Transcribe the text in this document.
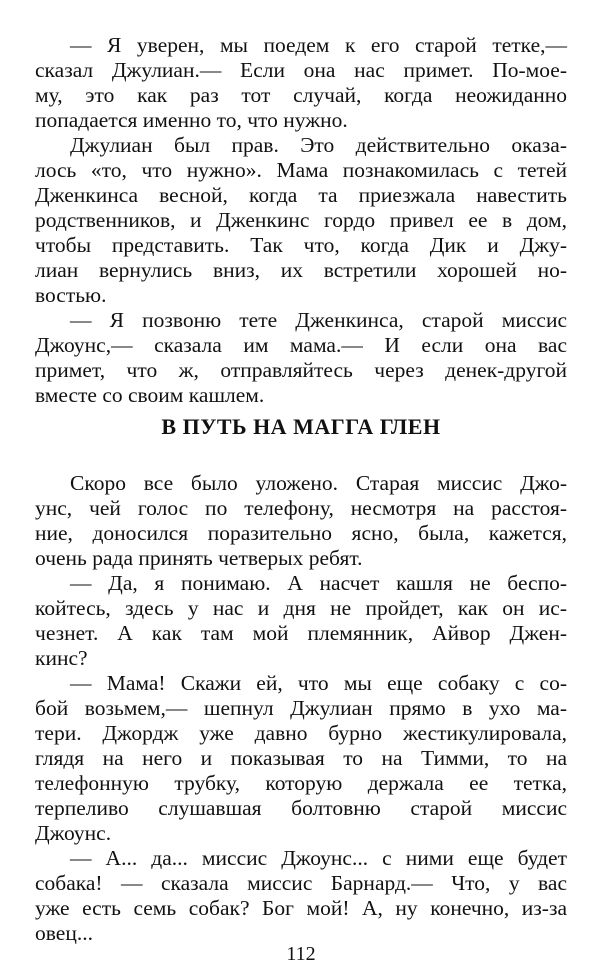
— Я уверен, мы поедем к его старой тетке,—
сказал Джулиан.— Если она нас примет. По-мое-
му, это как раз тот случай, когда неожиданно
попадается именно то, что нужно.
Джулиан был прав. Это действительно оказа-
лось «то, что нужно». Мама познакомилась с тетей
Дженкинса весной, когда та приезжала навестить
родственников, и Дженкинс гордо привел ее в дом,
чтобы представить. Так что, когда Дик и Джу-
лиан вернулись вниз, их встретили хорошей но-
востью.
— Я позвоню тете Дженкинса, старой миссис
Джоунс,— сказала им мама.— И если она вас
примет, что ж, отправляйтесь через денек-другой
вместе со своим кашлем.
В ПУТЬ НА МАГГА ГЛЕН
Скоро все было уложено. Старая миссис Джо-
унс, чей голос по телефону, несмотря на расстоя-
ние, доносился поразительно ясно, была, кажется,
очень рада принять четверых ребят.
— Да, я понимаю. А насчет кашля не беспо-
койтесь, здесь у нас и дня не пройдет, как он ис-
чезнет. А как там мой племянник, Айвор Джен-
кинс?
— Мама! Скажи ей, что мы еще собаку с со-
бой возьмем,— шепнул Джулиан прямо в ухо ма-
тери. Джордж уже давно бурно жестикулировала,
глядя на него и показывая то на Тимми, то на
телефонную трубку, которую держала ее тетка,
терпеливо слушавшая болтовню старой миссис
Джоунс.
— А... да... миссис Джоунс... с ними еще будет
собака! — сказала миссис Барнард.— Что, у вас
уже есть семь собак? Бог мой! А, ну конечно, из-за
овец...
112
